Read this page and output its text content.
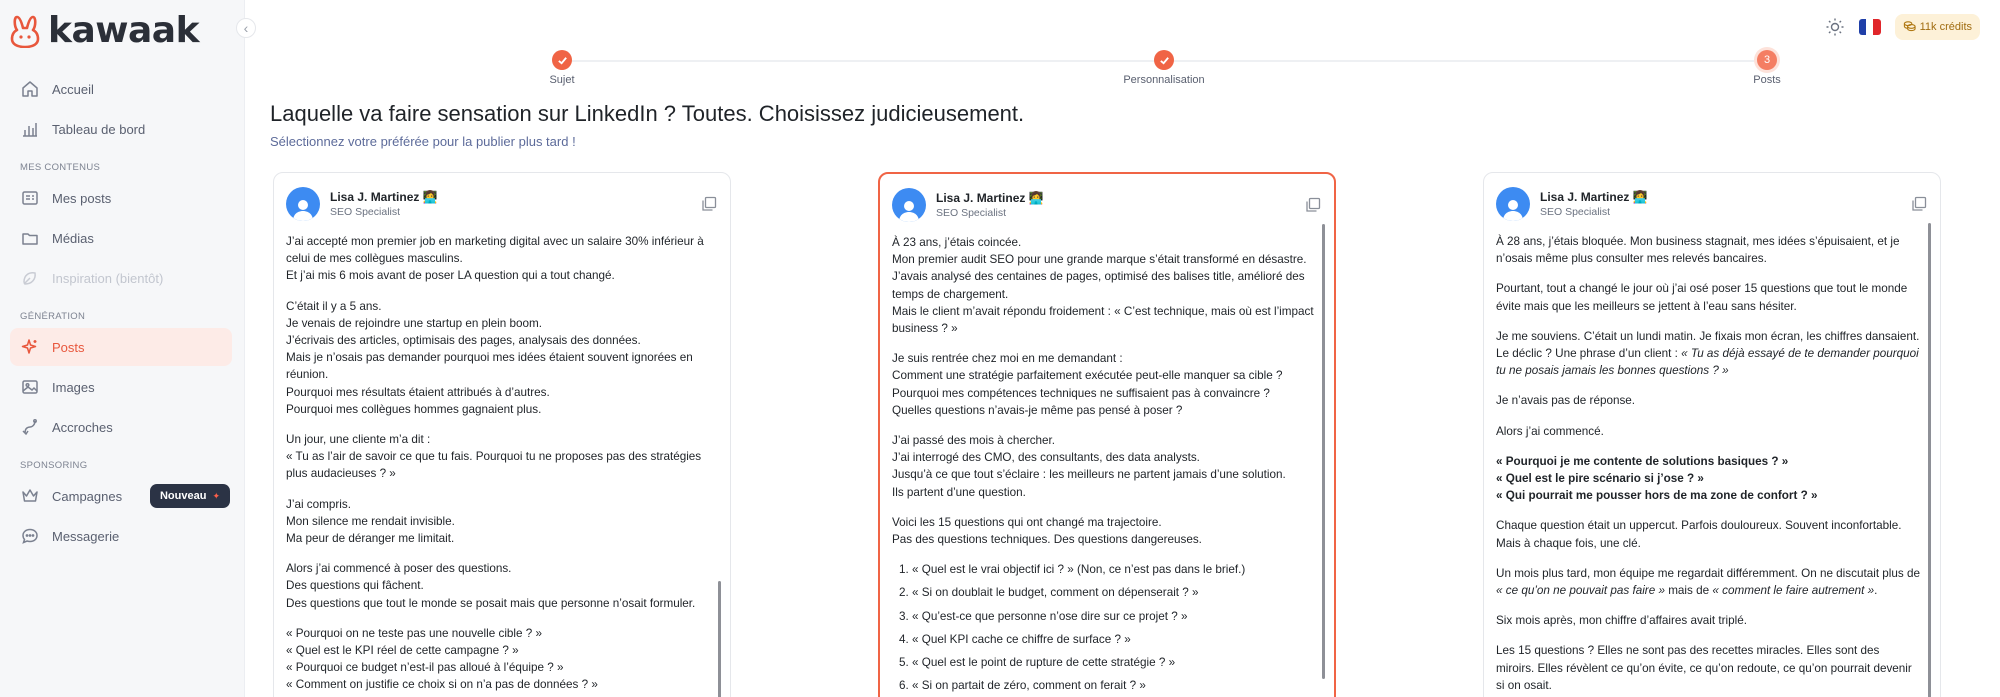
kawaak	‹
Accueil
Tableau de bord
MES CONTENUS
Mes posts
Médias
Inspiration (bientôt)
GÉNÉRATION
Posts
Images
Accroches
SPONSORING
Campagnes	Nouveau ✦
Messagerie
11k crédits
Sujet	Personnalisation
3
Posts
Laquelle va faire sensation sur LinkedIn ? Toutes. Choisissez judicieusement.
Sélectionnez votre préférée pour la publier plus tard !
Lisa J. Martinez 👩‍💻
SEO Specialist

J’ai accepté mon premier job en marketing digital avec un salaire 30% inférieur à celui de mes collègues masculins.
Et j’ai mis 6 mois avant de poser LA question qui a tout changé.

C’était il y a 5 ans.
Je venais de rejoindre une startup en plein boom.
J’écrivais des articles, optimisais des pages, analysais des données.
Mais je n’osais pas demander pourquoi mes idées étaient souvent ignorées en réunion.
Pourquoi mes résultats étaient attribués à d’autres.
Pourquoi mes collègues hommes gagnaient plus.

Un jour, une cliente m’a dit :
« Tu as l’air de savoir ce que tu fais. Pourquoi tu ne proposes pas des stratégies plus audacieuses ? »

J’ai compris.
Mon silence me rendait invisible.
Ma peur de déranger me limitait.

Alors j’ai commencé à poser des questions.
Des questions qui fâchent.
Des questions que tout le monde se posait mais que personne n’osait formuler.

« Pourquoi on ne teste pas une nouvelle cible ? »
« Quel est le KPI réel de cette campagne ? »
« Pourquoi ce budget n’est-il pas alloué à l’équipe ? »
« Comment on justifie ce choix si on n’a pas de données ? »

Lisa J. Martinez 👩‍💻
SEO Specialist

À 23 ans, j’étais coincée.
Mon premier audit SEO pour une grande marque s’était transformé en désastre.
J’avais analysé des centaines de pages, optimisé des balises title, amélioré des temps de chargement.
Mais le client m’avait répondu froidement : « C’est technique, mais où est l’impact business ? »

Je suis rentrée chez moi en me demandant :
Comment une stratégie parfaitement exécutée peut-elle manquer sa cible ?
Pourquoi mes compétences techniques ne suffisaient pas à convaincre ?
Quelles questions n’avais-je même pas pensé à poser ?

J’ai passé des mois à chercher.
J’ai interrogé des CMO, des consultants, des data analysts.
Jusqu’à ce que tout s’éclaire : les meilleurs ne partent jamais d’une solution.
Ils partent d’une question.

Voici les 15 questions qui ont changé ma trajectoire.
Pas des questions techniques. Des questions dangereuses.

1. « Quel est le vrai objectif ici ? » (Non, ce n’est pas dans le brief.)
2. « Si on doublait le budget, comment on dépenserait ? »
3. « Qu’est-ce que personne n’ose dire sur ce projet ? »
4. « Quel KPI cache ce chiffre de surface ? »
5. « Quel est le point de rupture de cette stratégie ? »
6. « Si on partait de zéro, comment on ferait ? »
Lisa J. Martinez 👩‍💻
SEO Specialist

À 28 ans, j’étais bloquée. Mon business stagnait, mes idées s’épuisaient, et je n’osais même plus consulter mes relevés bancaires.

Pourtant, tout a changé le jour où j’ai osé poser 15 questions que tout le monde évite mais que les meilleurs se jettent à l’eau sans hésiter.

Je me souviens. C’était un lundi matin. Je fixais mon écran, les chiffres dansaient. Le déclic ? Une phrase d’un client : « Tu as déjà essayé de te demander pourquoi tu ne posais jamais les bonnes questions ? »

Je n’avais pas de réponse.

Alors j’ai commencé.

« Pourquoi je me contente de solutions basiques ? »
« Quel est le pire scénario si j’ose ? »
« Qui pourrait me pousser hors de ma zone de confort ? »

Chaque question était un uppercut. Parfois douloureux. Souvent inconfortable.
Mais à chaque fois, une clé.

Un mois plus tard, mon équipe me regardait différemment. On ne discutait plus de « ce qu’on ne pouvait pas faire » mais de « comment le faire autrement ».

Six mois après, mon chiffre d’affaires avait triplé.

Les 15 questions ? Elles ne sont pas des recettes miracles. Elles sont des miroirs. Elles révèlent ce qu’on évite, ce qu’on redoute, ce qu’on pourrait devenir si on osait.
